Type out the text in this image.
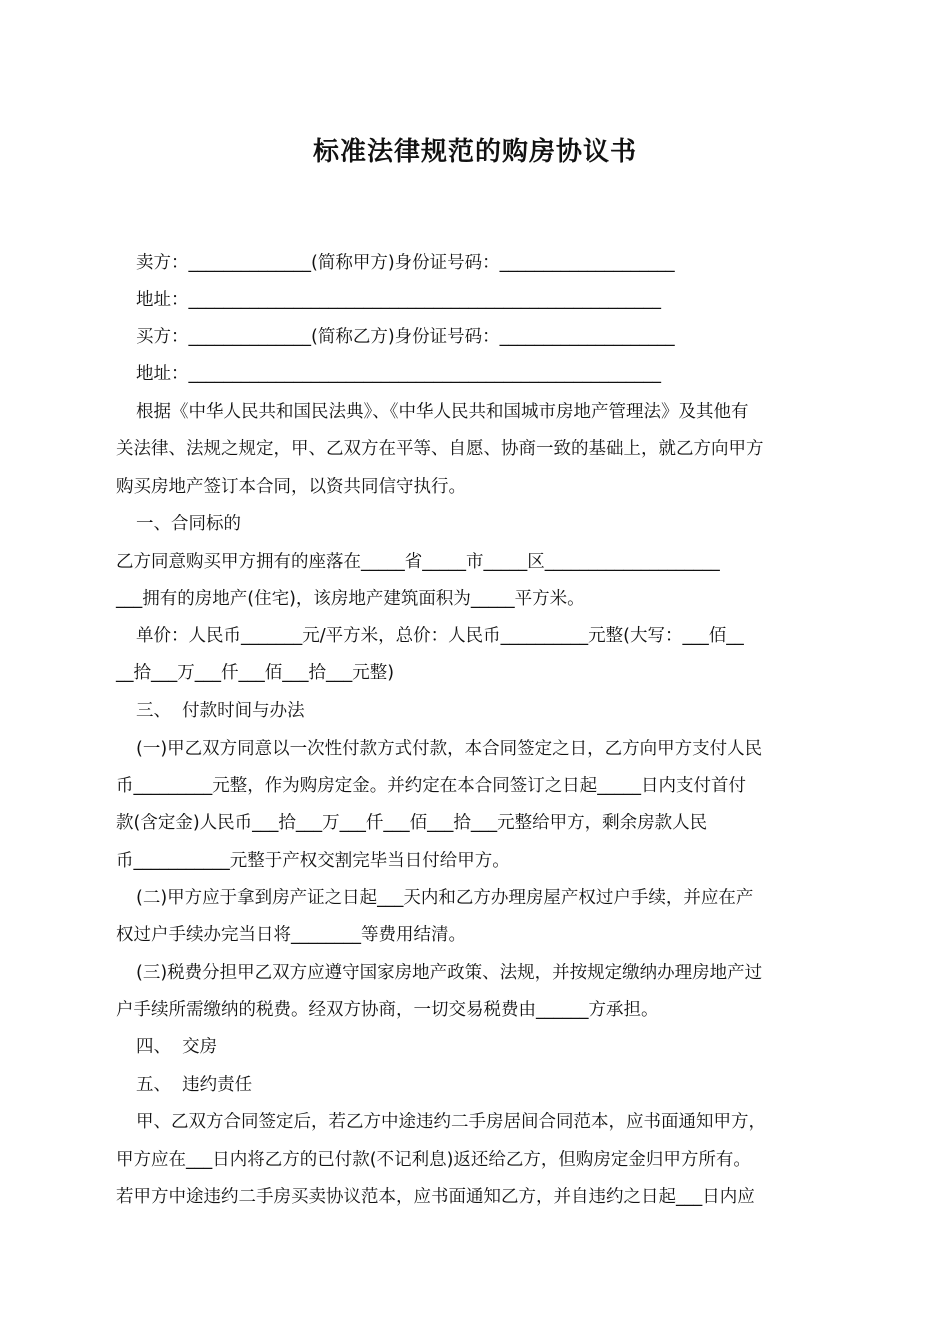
标准法律规范的购房协议书
卖方：______________(简称甲方)身份证号码：____________________
地址：______________________________________________________
买方：______________(简称乙方)身份证号码：____________________
地址：______________________________________________________
根据《中华人民共和国民法典》、《中华人民共和国城市房地产管理法》及其他有
关法律、法规之规定，甲、乙双方在平等、自愿、协商一致的基础上，就乙方向甲方
购买房地产签订本合同，以资共同信守执行。
一、合同标的
乙方同意购买甲方拥有的座落在_____省_____市_____区____________________
___拥有的房地产(住宅)，该房地产建筑面积为_____平方米。
单价：人民币_______元/平方米，总价：人民币__________元整(大写：___佰__
__拾___万___仟___佰___拾___元整)
三、  付款时间与办法
(一)甲乙双方同意以一次性付款方式付款，本合同签定之日，乙方向甲方支付人民
币_________元整，作为购房定金。并约定在本合同签订之日起_____日内支付首付
款(含定金)人民币___拾___万___仟___佰___拾___元整给甲方，剩余房款人民
币___________元整于产权交割完毕当日付给甲方。
(二)甲方应于拿到房产证之日起___天内和乙方办理房屋产权过户手续，并应在产
权过户手续办完当日将________等费用结清。
(三)税费分担甲乙双方应遵守国家房地产政策、法规，并按规定缴纳办理房地产过
户手续所需缴纳的税费。经双方协商，一切交易税费由______方承担。
四、  交房
五、  违约责任
甲、乙双方合同签定后，若乙方中途违约二手房居间合同范本，应书面通知甲方，
甲方应在___日内将乙方的已付款(不记利息)返还给乙方，但购房定金归甲方所有。
若甲方中途违约二手房买卖协议范本，应书面通知乙方，并自违约之日起___日内应
